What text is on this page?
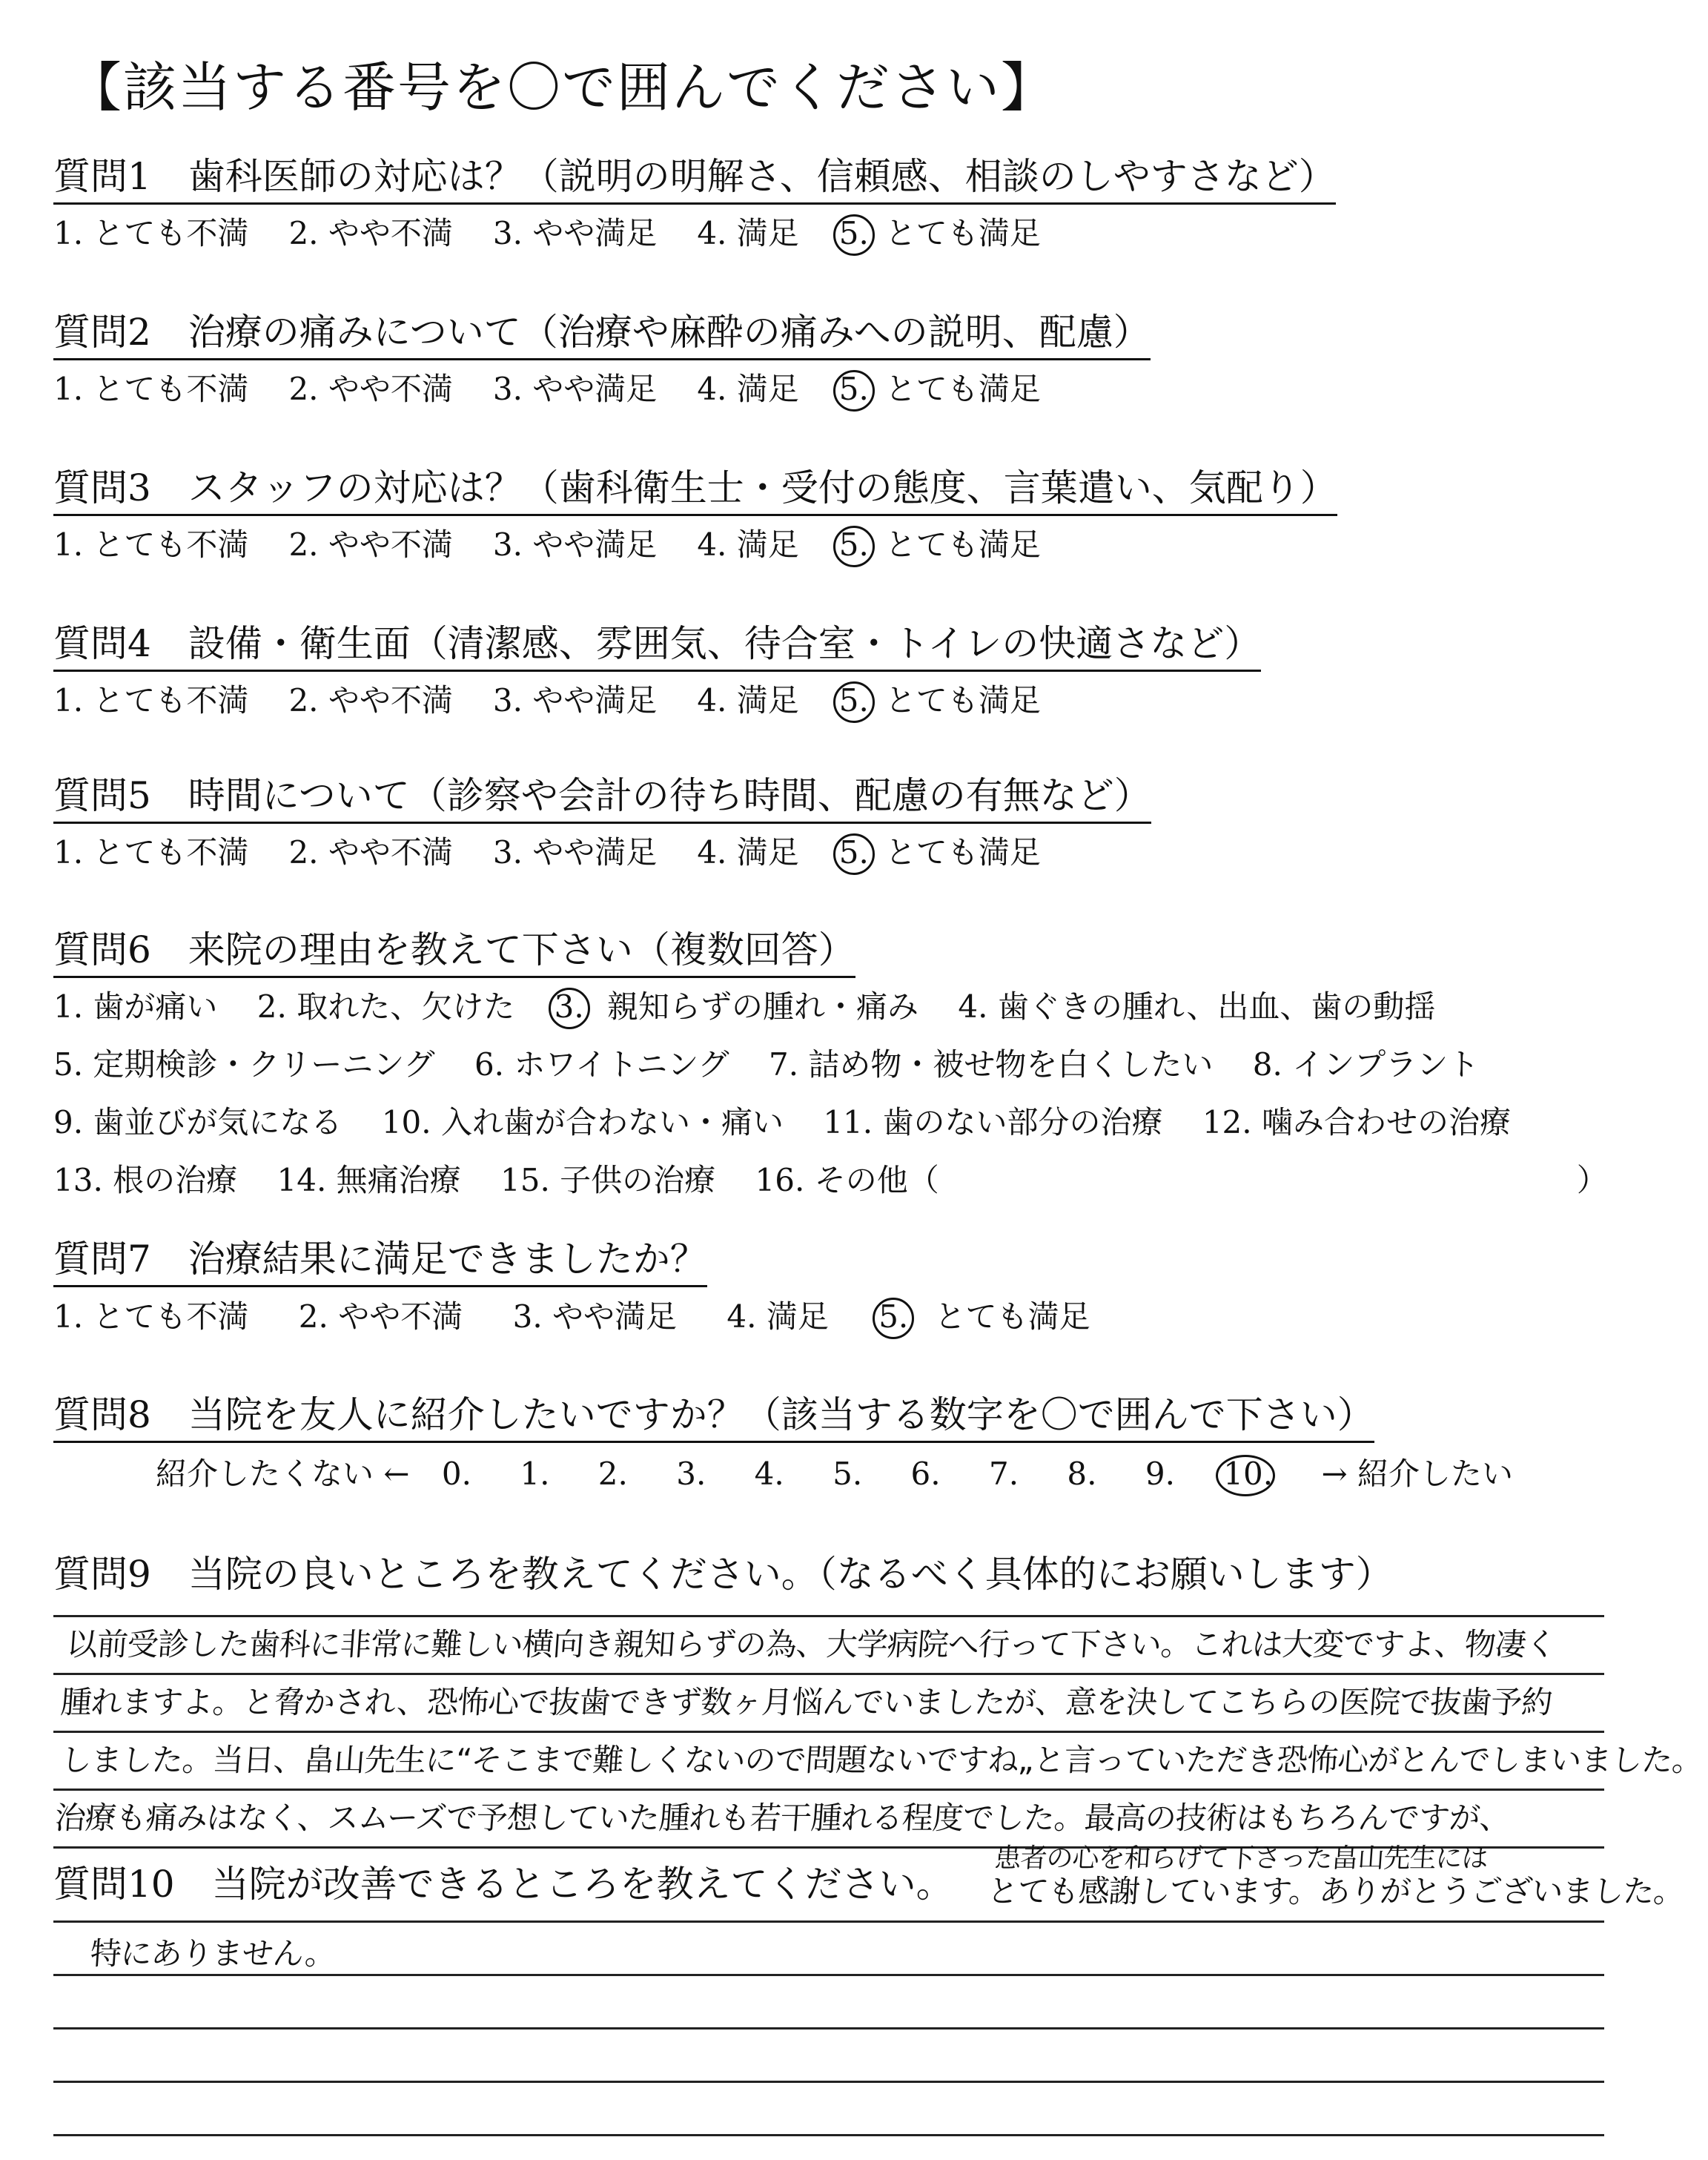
【該当する番号を〇で囲んでください】
質問1　歯科医師の対応は？（説明の明解さ、信頼感、相談のしやすさなど）
1. とても不満 2. やや不満 3. やや満足 4. 満足 5. とても満足
質問2　治療の痛みについて（治療や麻酔の痛みへの説明、配慮）
1. とても不満 2. やや不満 3. やや満足 4. 満足 5. とても満足
質問3　スタッフの対応は？（歯科衛生士・受付の態度、言葉遣い、気配り）
1. とても不満 2. やや不満 3. やや満足 4. 満足 5. とても満足
質問4　設備・衛生面（清潔感、雰囲気、待合室・トイレの快適さなど）
1. とても不満 2. やや不満 3. やや満足 4. 満足 5. とても満足
質問5　時間について（診察や会計の待ち時間、配慮の有無など）
1. とても不満 2. やや不満 3. やや満足 4. 満足 5. とても満足
質問6　来院の理由を教えて下さい（複数回答）
1. 歯が痛い 2. 取れた、欠けた 3. 親知らずの腫れ・痛み 4. 歯ぐきの腫れ、出血、歯の動揺
5. 定期検診・クリーニング 6. ホワイトニング 7. 詰め物・被せ物を白くしたい 8. インプラント
9. 歯並びが気になる 10. 入れ歯が合わない・痛い 11. 歯のない部分の治療 12. 噛み合わせの治療
13. 根の治療 14. 無痛治療 15. 子供の治療 16. その他（	）
質問7　治療結果に満足できましたか？
1. とても不満 2. やや不満 3. やや満足 4. 満足 5. とても満足
質問8　当院を友人に紹介したいですか？（該当する数字を〇で囲んで下さい）
紹介したくない ← 0. 1. 2. 3. 4. 5. 6. 7. 8. 9. 10. → 紹介したい
質問9　当院の良いところを教えてください。（なるべく具体的にお願いします）
以前受診した歯科に非常に難しい横向き親知らずの為、大学病院へ行って下さい。これは大変ですよ、物凄く
腫れますよ。と脅かされ、恐怖心で抜歯できず数ヶ月悩んでいましたが、意を決してこちらの医院で抜歯予約
しました。当日、畠山先生に“そこまで難しくないので問題ないですね„と言っていただき恐怖心がとんでしまいました。
治療も痛みはなく、スムーズで予想していた腫れも若干腫れる程度でした。最高の技術はもちろんですが、
患者の心を和らげて下さった畠山先生には
質問10　当院が改善できるところを教えてください。 とても感謝しています。ありがとうございました。
特にありません。
